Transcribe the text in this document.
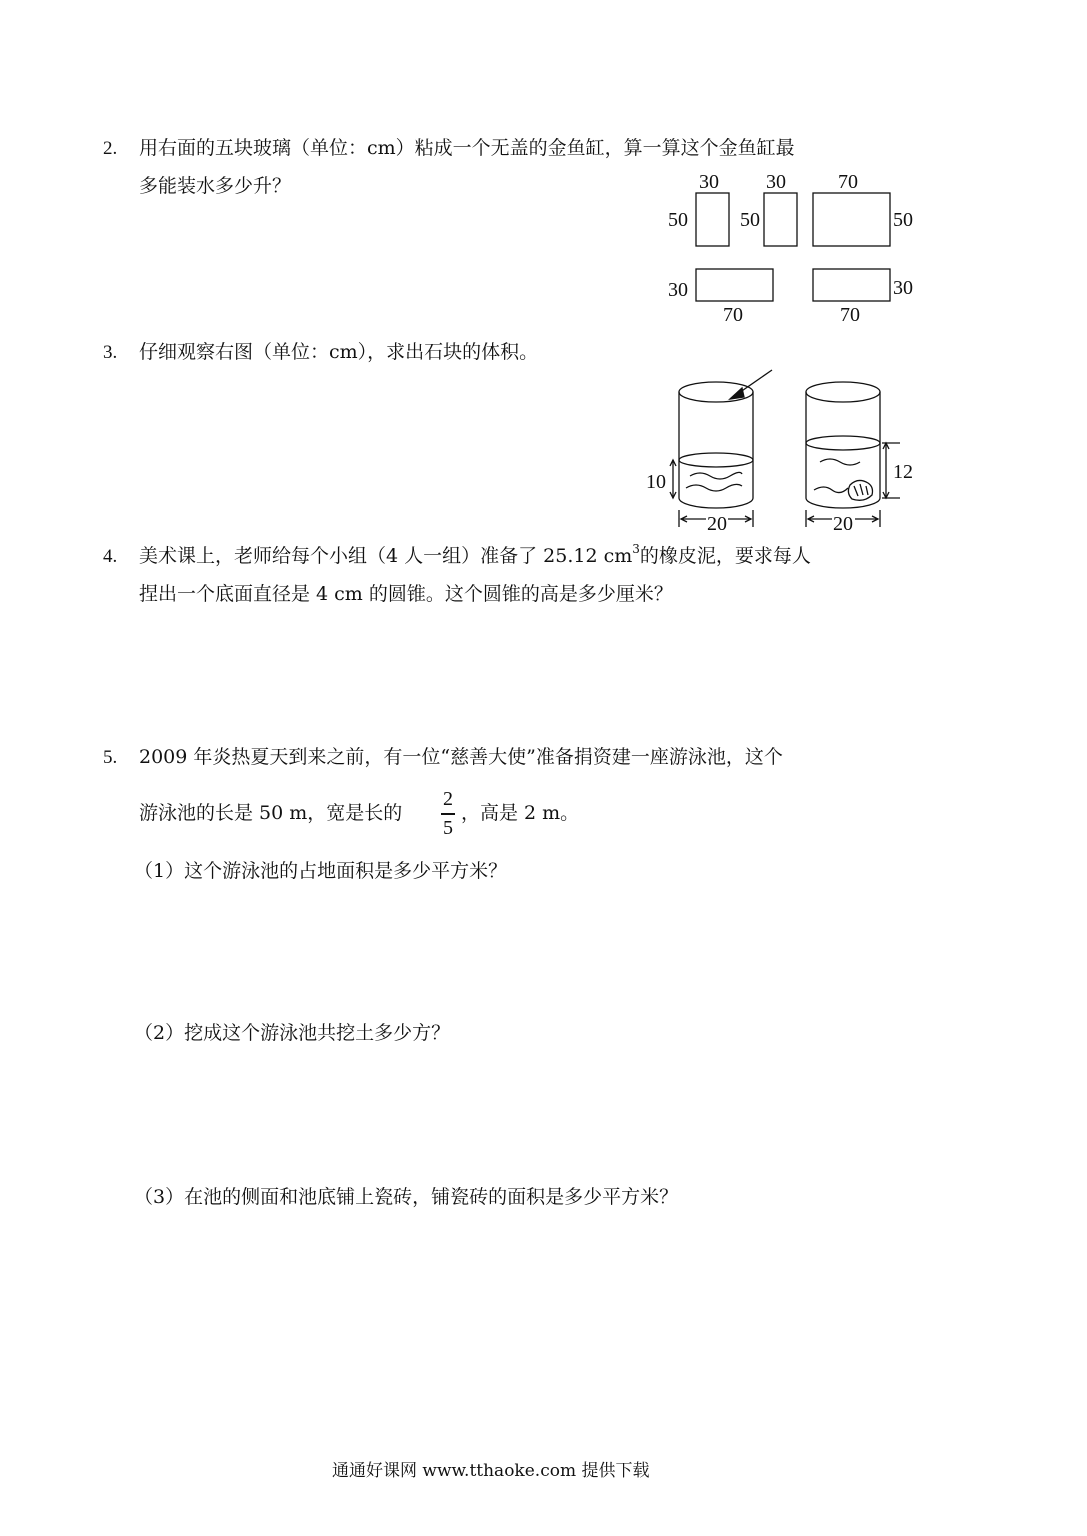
2. 用右面的五块玻璃（单位：cm）粘成一个无盖的金鱼缸，算一算这个金鱼缸最
多能装水多少升？	30
50
30
50
70
50
30
70
30
70
3. 仔细观察右图（单位：cm），求出石块的体积。
10
20
12
20
4. 美术课上，老师给每个小组（4 人一组）准备了 25.12 $cm^3$的橡皮泥，要求每人
捏出一个底面直径是 4 cm 的圆锥。这个圆锥的高是多少厘米？
5. 2009 年炎热夏天到来之前，有一位“慈善大使”准备捐资建一座游泳池，这个
游泳池的长是 50 m，宽是长的
2
5
，高是 2 m。
（1）这个游泳池的占地面积是多少平方米？
（2）挖成这个游泳池共挖土多少方？
（3）在池的侧面和池底铺上瓷砖，铺瓷砖的面积是多少平方米？
通通好课网 www.tthaoke.com 提供下载
